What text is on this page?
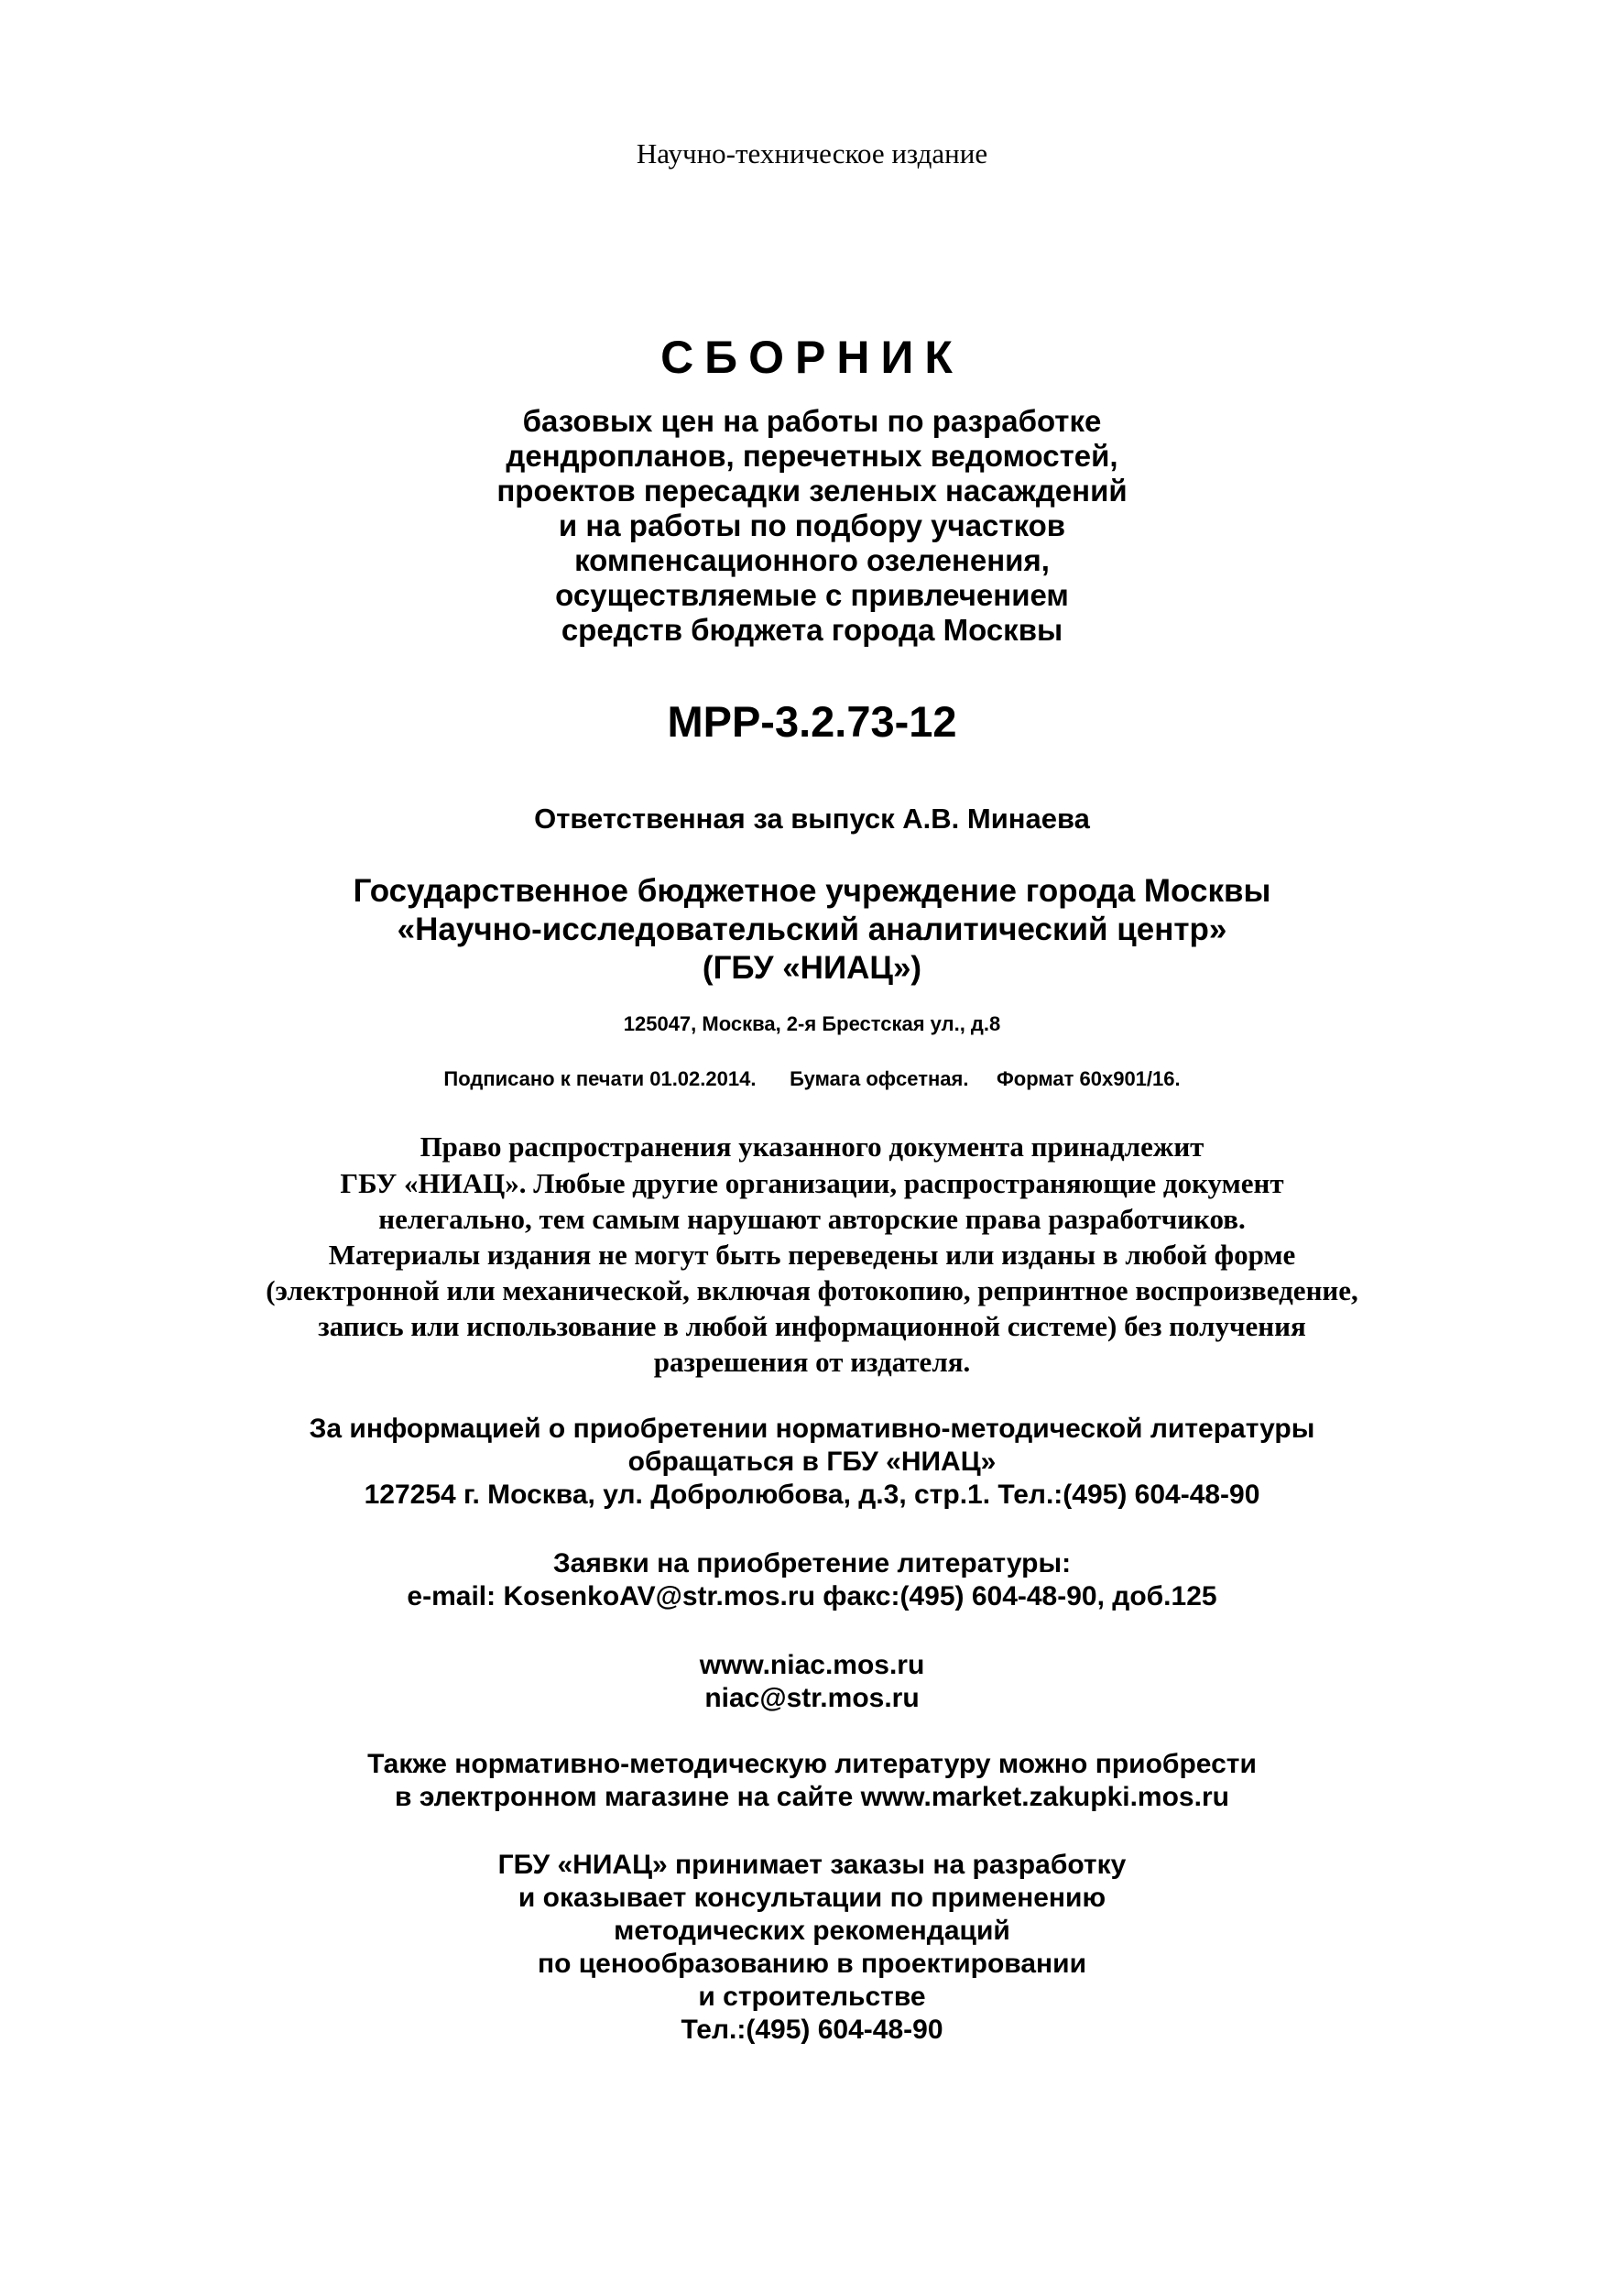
Научно-техническое издание

СБОРНИК

базовых цен на работы по разработке

дендропланов, перечетных ведомостей,

проектов пересадки зеленых насаждений

и на работы по подбору участков

компенсационного озеленения,

осуществляемые с привлечением

средств бюджета города Москвы

МРР-3.2.73-12

Ответственная за выпуск А.В. Минаева

Государственное бюджетное учреждение города Москвы

«Научно-исследовательский аналитический центр»

(ГБУ «НИАЦ»)

125047, Москва, 2-я Брестская ул., д.8

Подписано к печати 01.02.2014. Бумага офсетная. Формат 60х901/16.

Право распространения указанного документа принадлежит

ГБУ «НИАЦ». Любые другие организации, распространяющие документ

нелегально, тем самым нарушают авторские права разработчиков.

Материалы издания не могут быть переведены или изданы в любой форме

(электронной или механической, включая фотокопию, репринтное воспроизведение,

запись или использование в любой информационной системе) без получения

разрешения от издателя.

За информацией о приобретении нормативно-методической литературы

обращаться в ГБУ «НИАЦ»

127254 г. Москва, ул. Добролюбова, д.3, стр.1. Тел.:(495) 604-48-90

Заявки на приобретение литературы:

e-mail: KosenkoAV@str.mos.ru факс:(495) 604-48-90, доб.125

www.niac.mos.ru

niac@str.mos.ru

Также нормативно-методическую литературу можно приобрести

в электронном магазине на сайте www.market.zakupki.mos.ru

ГБУ «НИАЦ» принимает заказы на разработку

и оказывает консультации по применению

методических рекомендаций

по ценообразованию в проектировании

и строительстве

Тел.:(495) 604-48-90
